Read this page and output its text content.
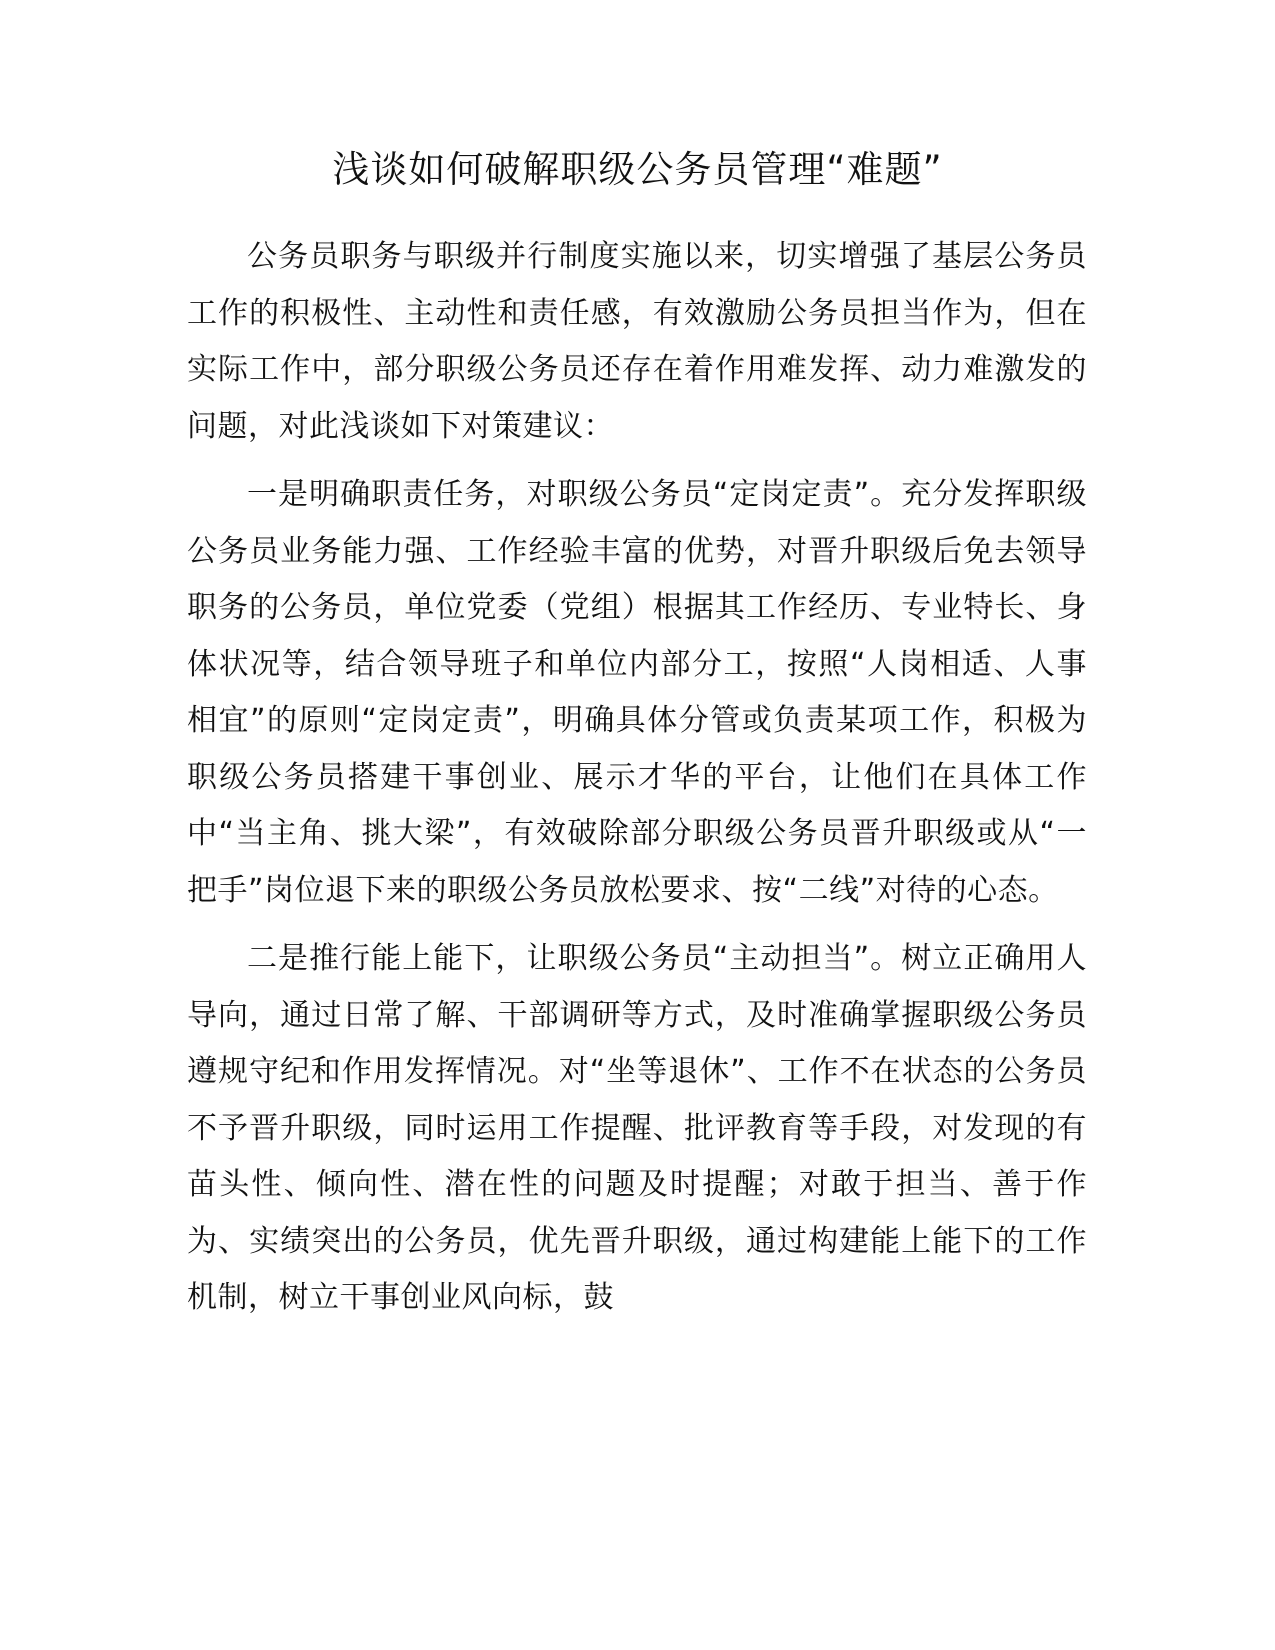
浅谈如何破解职级公务员管理“难题”

公务员职务与职级并行制度实施以来，切实增强了基层公务员工作的积极性、主动性和责任感，有效激励公务员担当作为，但在实际工作中，部分职级公务员还存在着作用难发挥、动力难激发的问题，对此浅谈如下对策建议：

一是明确职责任务，对职级公务员“定岗定责”。充分发挥职级公务员业务能力强、工作经验丰富的优势，对晋升职级后免去领导职务的公务员，单位党委（党组）根据其工作经历、专业特长、身体状况等，结合领导班子和单位内部分工，按照“人岗相适、人事相宜”的原则“定岗定责”，明确具体分管或负责某项工作，积极为职级公务员搭建干事创业、展示才华的平台，让他们在具体工作中“当主角、挑大梁”，有效破除部分职级公务员晋升职级或从“一把手”岗位退下来的职级公务员放松要求、按“二线”对待的心态。

二是推行能上能下，让职级公务员“主动担当”。树立正确用人导向，通过日常了解、干部调研等方式，及时准确掌握职级公务员遵规守纪和作用发挥情况。对“坐等退休”、工作不在状态的公务员不予晋升职级，同时运用工作提醒、批评教育等手段，对发现的有苗头性、倾向性、潜在性的问题及时提醒；对敢于担当、善于作为、实绩突出的公务员，优先晋升职级，通过构建能上能下的工作机制，树立干事创业风向标，鼓
